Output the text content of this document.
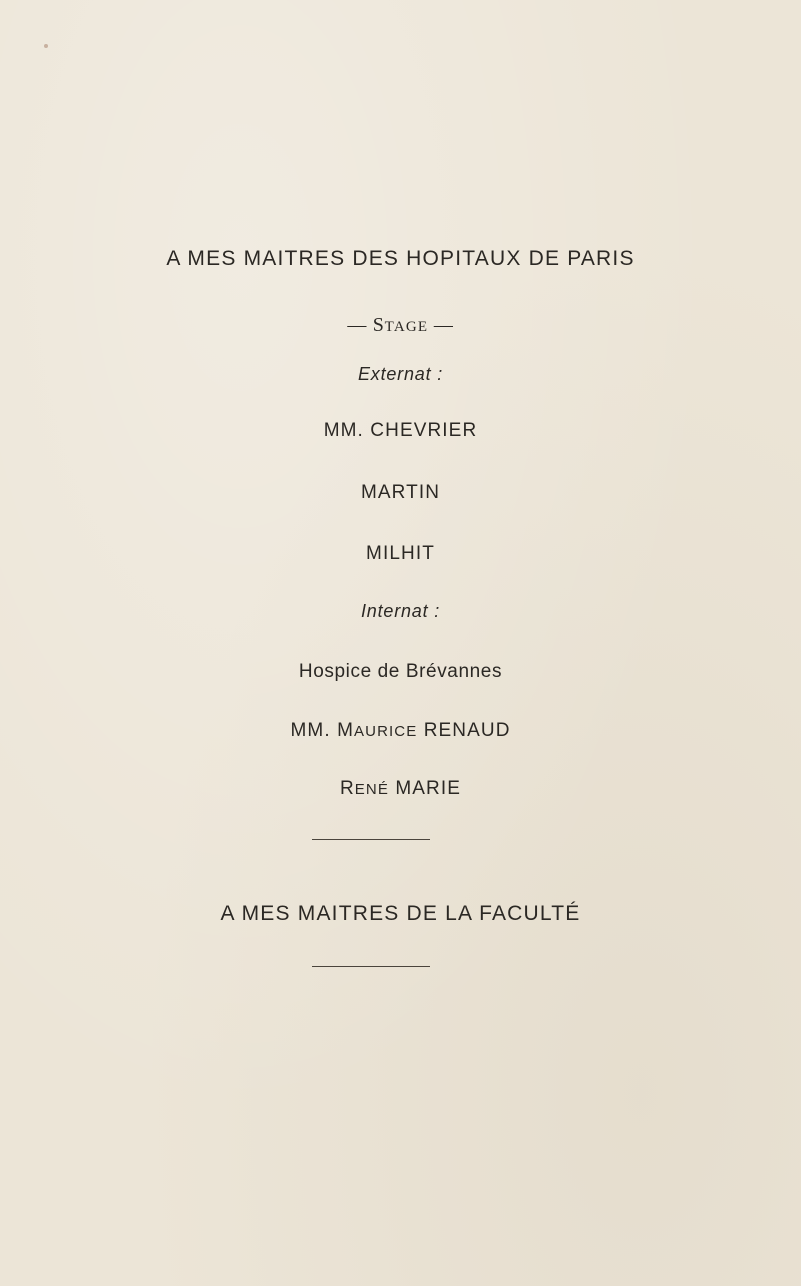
A MES MAITRES DES HOPITAUX DE PARIS
— STAGE —
Externat :
MM. CHEVRIER
MARTIN
MILHIT
Internat :
Hospice de Brévannes
MM. MAURICE RENAUD
RENÉ MARIE
A MES MAITRES DE LA FACULTÉ
